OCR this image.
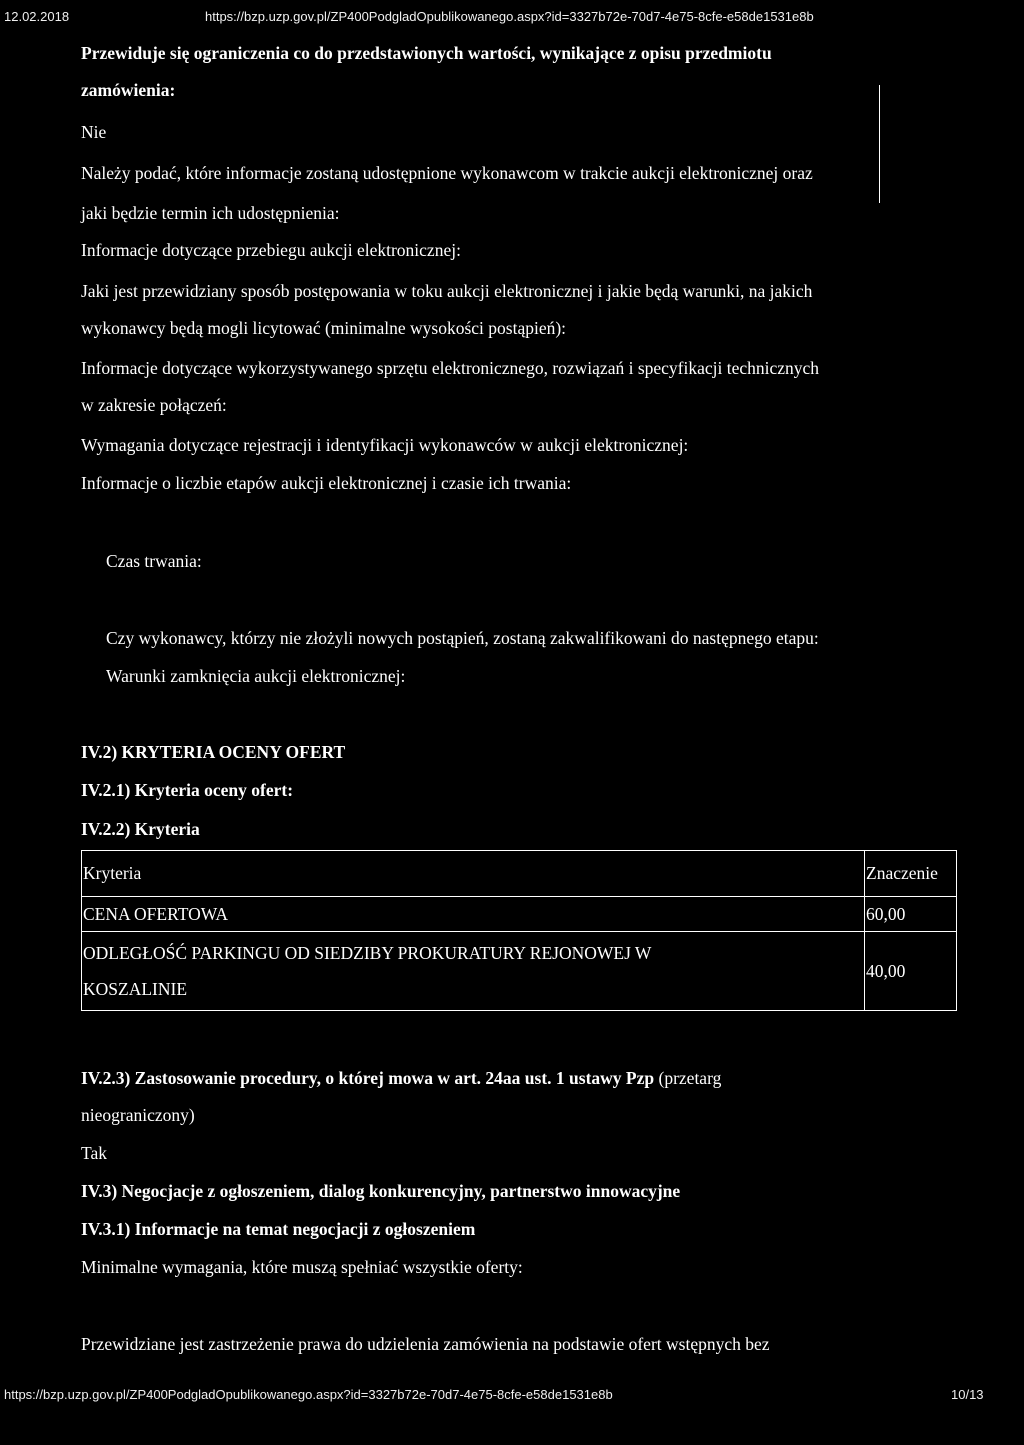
12.02.2018	https://bzp.uzp.gov.pl/ZP400PodgladOpublikowanego.aspx?id=3327b72e-70d7-4e75-8cfe-e58de1531e8b
Przewiduje się ograniczenia co do przedstawionych wartości, wynikające z opisu przedmiotu
zamówienia:
Nie
Należy podać, które informacje zostaną udostępnione wykonawcom w trakcie aukcji elektronicznej oraz
jaki będzie termin ich udostępnienia:
Informacje dotyczące przebiegu aukcji elektronicznej:
Jaki jest przewidziany sposób postępowania w toku aukcji elektronicznej i jakie będą warunki, na jakich
wykonawcy będą mogli licytować (minimalne wysokości postąpień):
Informacje dotyczące wykorzystywanego sprzętu elektronicznego, rozwiązań i specyfikacji technicznych
w zakresie połączeń:
Wymagania dotyczące rejestracji i identyfikacji wykonawców w aukcji elektronicznej:
Informacje o liczbie etapów aukcji elektronicznej i czasie ich trwania:
Czas trwania:
Czy wykonawcy, którzy nie złożyli nowych postąpień, zostaną zakwalifikowani do następnego etapu:
Warunki zamknięcia aukcji elektronicznej:
IV.2) KRYTERIA OCENY OFERT
IV.2.1) Kryteria oceny ofert:
IV.2.2) Kryteria
Kryteria	Znaczenie
CENA OFERTOWA	60,00

ODLEGŁOŚĆ PARKINGU OD SIEDZIBY PROKURATURY REJONOWEJ W
KOSZALINIE	40,00
IV.2.3) Zastosowanie procedury, o której mowa w art. 24aa ust. 1 ustawy Pzp (przetarg
nieograniczony)
Tak
IV.3) Negocjacje z ogłoszeniem, dialog konkurencyjny, partnerstwo innowacyjne
IV.3.1) Informacje na temat negocjacji z ogłoszeniem
Minimalne wymagania, które muszą spełniać wszystkie oferty:
Przewidziane jest zastrzeżenie prawa do udzielenia zamówienia na podstawie ofert wstępnych bez
https://bzp.uzp.gov.pl/ZP400PodgladOpublikowanego.aspx?id=3327b72e-70d7-4e75-8cfe-e58de1531e8b	10/13
